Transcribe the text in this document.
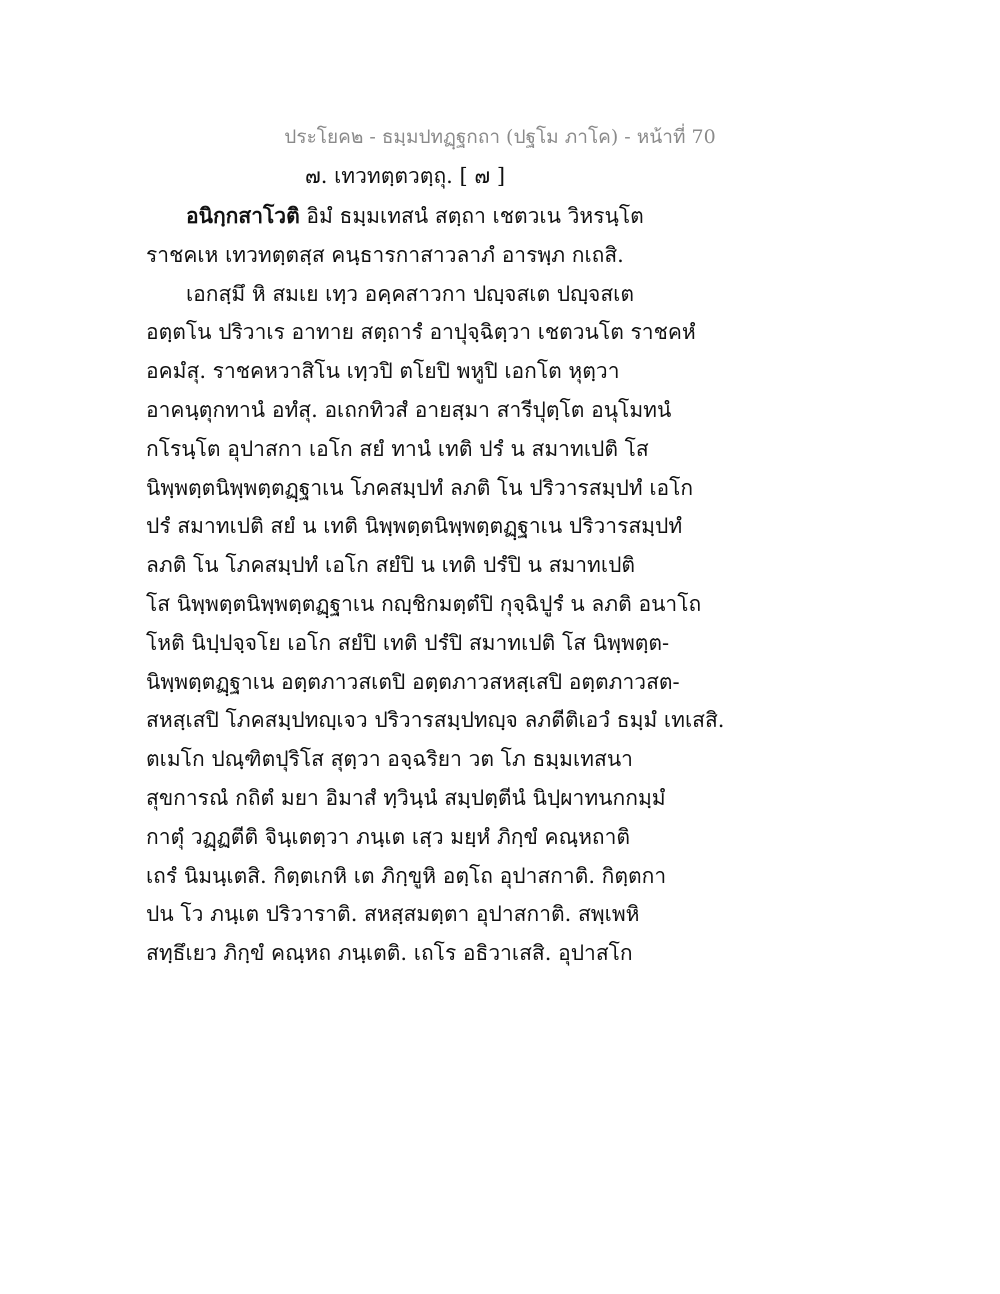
ประโยค๒ - ธมฺมปทฏฺฐกถา (ปฐโม ภาโค) - หน้าที่ 70
๗. เทวทตฺตวตฺถุ. [ ๗ ]
อนิกฺกสาโวติ อิมํ ธมฺมเทสนํ สตฺถา เชตวเน วิหรนฺโต
ราชคเห เทวทตฺตสฺส คนฺธารกาสาวลาภํ อารพฺภ กเถสิ.
เอกสฺมึ หิ สมเย เทฺว อคฺคสาวกา ปญฺจสเต ปญฺจสเต
อตฺตโน ปริวาเร อาทาย สตฺถารํ อาปุจฺฉิตฺวา เชตวนโต ราชคหํ
อคมํสุ. ราชคหวาสิโน เทฺวปิ ตโยปิ พหูปิ เอกโต หุตฺวา
อาคนฺตุกทานํ อทํสุ. อเถกทิวสํ อายสฺมา สารีปุตฺโต อนุโมทนํ
กโรนฺโต อุปาสกา เอโก สยํ ทานํ เทติ ปรํ น สมาทเปติ โส
นิพฺพตฺตนิพฺพตฺตฏฺฐาเน โภคสมฺปทํ ลภติ โน ปริวารสมฺปทํ เอโก
ปรํ สมาทเปติ สยํ น เทติ นิพฺพตฺตนิพฺพตฺตฏฺฐาเน ปริวารสมฺปทํ
ลภติ โน โภคสมฺปทํ เอโก สยํปิ น เทติ ปรํปิ น สมาทเปติ
โส นิพฺพตฺตนิพฺพตฺตฏฺฐาเน กญฺชิกมตฺตํปิ กุจฺฉิปูรํ น ลภติ อนาโถ
โหติ นิปฺปจฺจโย เอโก สยํปิ เทติ ปรํปิ สมาทเปติ โส นิพฺพตฺต-
นิพฺพตฺตฏฺฐาเน อตฺตภาวสเตปิ อตฺตภาวสหสฺเสปิ อตฺตภาวสต-
สหสฺเสปิ โภคสมฺปทญฺเจว ปริวารสมฺปทญฺจ ลภตีติเอวํ ธมฺมํ เทเสสิ.
ตเมโก ปณฺฑิตปุริโส สุตฺวา อจฺฉริยา วต โภ ธมฺมเทสนา
สุขการณํ กถิตํ มยา อิมาสํ ทฺวินฺนํ สมฺปตฺตีนํ นิปฺผาทนกกมฺมํ
กาตุํ วฏฺฏตีติ จินฺเตตฺวา ภนฺเต เสฺว มยฺหํ ภิกฺขํ คณฺหถาติ
เถรํ นิมนฺเตสิ. กิตฺตเกหิ เต ภิกฺขูหิ อตฺโถ อุปาสกาติ. กิตฺตกา
ปน โว ภนฺเต ปริวาราติ. สหสฺสมตฺตา อุปาสกาติ. สพฺเพหิ
สทฺธึเยว ภิกฺขํ คณฺหถ ภนฺเตติ. เถโร อธิวาเสสิ. อุปาสโก
